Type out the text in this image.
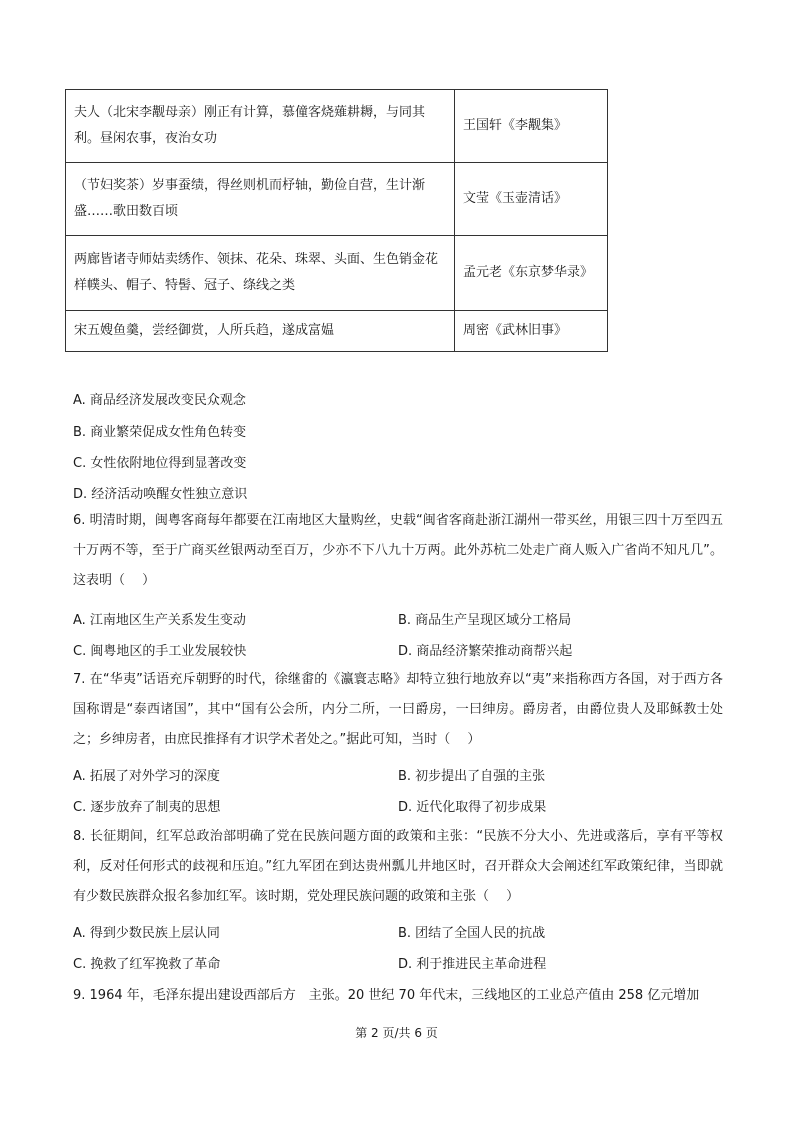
夫人（北宋李觏母亲）刚正有计算，慕僮客烧薙耕耨，与同其利。昼闲农事，夜治女功	王国轩《李觏集》
（节妇奖茶）岁事蚕绩，得丝则机而杼轴，勤俭自营，生计渐盛……歌田数百顷	文莹《玉壶清话》
两廊皆诸寺师姑卖绣作、领抹、花朵、珠翠、头面、生色销金花样幞头、帽子、特髻、冠子、绦线之类	孟元老《东京梦华录》
宋五嫂鱼羹，尝经御赏，人所兵趋，遂成富媪	周密《武林旧事》
A. 商品经济发展改变民众观念
B. 商业繁荣促成女性角色转变
C. 女性依附地位得到显著改变
D. 经济活动唤醒女性独立意识
6. 明清时期，闽粤客商每年都要在江南地区大量购丝，史载“闽省客商赴浙江湖州一带买丝，用银三四十万至四五十万两不等，至于广商买丝银两动至百万，少亦不下八九十万两。此外苏杭二处走广商人贩入广省尚不知凡几”。这表明（　 ）
A. 江南地区生产关系发生变动	B. 商品生产呈现区域分工格局
C. 闽粤地区的手工业发展较快	D. 商品经济繁荣推动商帮兴起
7. 在“华夷”话语充斥朝野的时代，徐继畬的《瀛寰志略》却特立独行地放弃以“夷”来指称西方各国，对于西方各国称谓是“泰西诸国”，其中“国有公会所，内分二所，一曰爵房，一曰绅房。爵房者，由爵位贵人及耶稣教士处之；乡绅房者，由庶民推择有才识学术者处之。”据此可知，当时（　 ）
A. 拓展了对外学习的深度	B. 初步提出了自强的主张
C. 逐步放弃了制夷的思想	D. 近代化取得了初步成果
8. 长征期间，红军总政治部明确了党在民族问题方面的政策和主张：“民族不分大小、先进或落后，享有平等权利，反对任何形式的歧视和压迫。”红九军团在到达贵州瓢儿井地区时，召开群众大会阐述红军政策纪律，当即就有少数民族群众报名参加红军。该时期，党处理民族问题的政策和主张（　 ）
A. 得到少数民族上层认同	B. 团结了全国人民的抗战
C. 挽救了红军挽救了革命	D. 利于推进民主革命进程
9. 1964 年，毛泽东提出建设西部后方　主张。20 世纪 70 年代末，三线地区的工业总产值由 258 亿元增加
第 2 页/共 6 页
